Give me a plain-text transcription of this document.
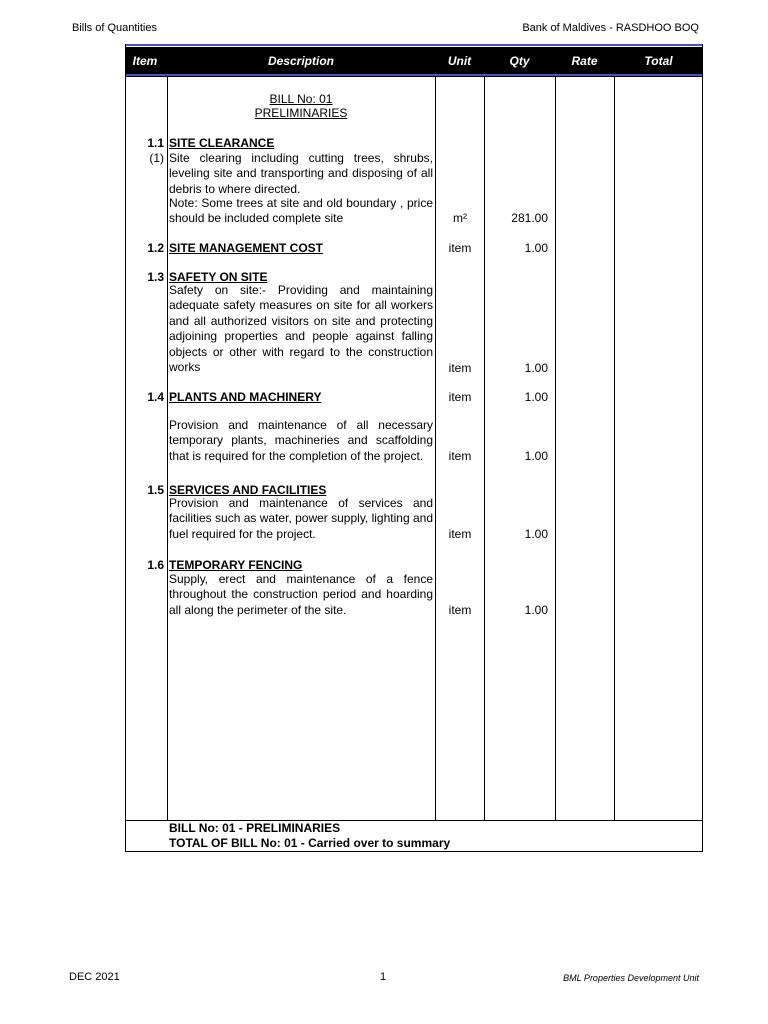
Bills of Quantities	Bank of Maldives - RASDHOO BOQ
Item	Description	Unit	Qty	Rate	Total
BILL No: 01
PRELIMINARIES
1.1 SITE CLEARANCE
(1) Site clearing including cutting trees, shrubs, leveling site and transporting and disposing of all debris to where directed.
Note: Some trees at site and old boundary , price should be included complete site	m²	281.00
1.2 SITE MANAGEMENT COST	item	1.00
1.3 SAFETY ON SITE
Safety on site:- Providing and maintaining adequate safety measures on site for all workers and all authorized visitors on site and protecting adjoining properties and people against falling objects or other with regard to the construction works	item	1.00
1.4 PLANTS AND MACHINERY	item	1.00
Provision and maintenance of all necessary temporary plants, machineries and scaffolding that is required for the completion of the project.	item	1.00
1.5 SERVICES AND FACILITIES
Provision and maintenance of services and facilities such as water, power supply, lighting and fuel required for the project.	item	1.00
1.6 TEMPORARY FENCING
Supply, erect and maintenance of a fence throughout the construction period and hoarding all along the perimeter of the site.	item	1.00
BILL No: 01 - PRELIMINARIES
TOTAL OF BILL No: 01 - Carried over to summary
DEC 2021	1	BML Properties Development Unit
